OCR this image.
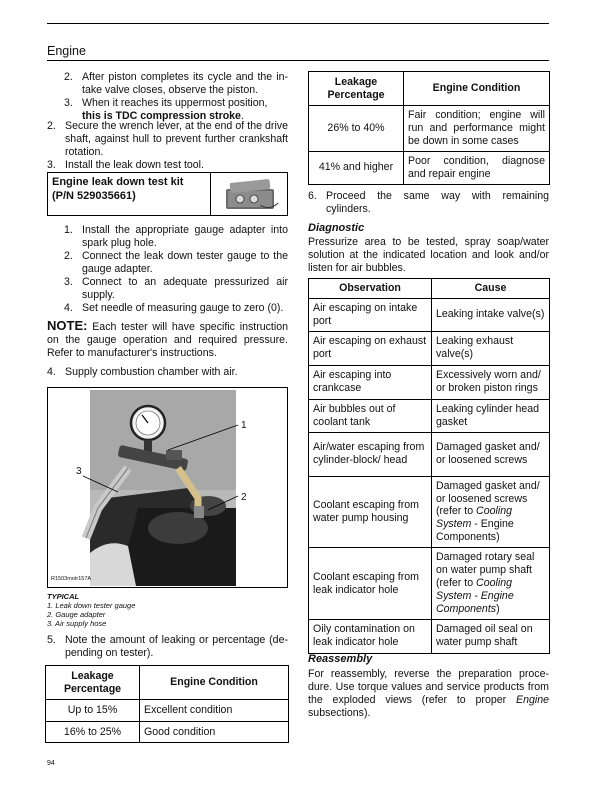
Engine
2. After piston completes its cycle and the in-take valve closes, observe the piston.
3. When it reaches its uppermost position, this is TDC compression stroke.
2. Secure the wrench lever, at the end of the drive shaft, against hull to prevent further crankshaft rotation.
3. Install the leak down test tool.
Engine leak down test kit
(P/N 529035661)
1. Install the appropriate gauge adapter into spark plug hole.
2. Connect the leak down tester gauge to the gauge adapter.
3. Connect to an adequate pressurized air supply.
4. Set needle of measuring gauge to zero (0).
NOTE: Each tester will have specific instruction on the gauge operation and required pressure. Refer to manufacturer's instructions.
4. Supply combustion chamber with air.
1
2
3
R1503motr157A
TYPICAL
1. Leak down tester gauge
2. Gauge adapter
3. Air supply hose
5. Note the amount of leaking or percentage (de-pending on tester).
Leakage Percentage	Engine Condition
Up to 15%	Excellent condition
16% to 25%	Good condition
94
Leakage Percentage	Engine Condition
26% to 40%	Fair condition; engine will run and performance might be down in some cases
41% and higher	Poor condition, diagnose and repair engine
6. Proceed the same way with remaining cylinders.
Diagnostic
Pressurize area to be tested, spray soap/water solution at the indicated location and look and/or listen for air bubbles.
Observation	Cause
Air escaping on intake port	Leaking intake valve(s)
Air escaping on exhaust port	Leaking exhaust valve(s)
Air escaping into crankcase	Excessively worn and/ or broken piston rings
Air bubbles out of coolant tank	Leaking cylinder head gasket
Air/water escaping from cylinder-block/ head	Damaged gasket and/ or loosened screws
Coolant escaping from water pump housing	Damaged gasket and/ or loosened screws (refer to Cooling System - Engine Components)
Coolant escaping from leak indicator hole	Damaged rotary seal on water pump shaft (refer to Cooling System - Engine Components)
Oily contamination on leak indicator hole	Damaged oil seal on water pump shaft
Reassembly
For reassembly, reverse the preparation proce-dure. Use torque values and service products from the exploded views (refer to proper Engine subsections).
